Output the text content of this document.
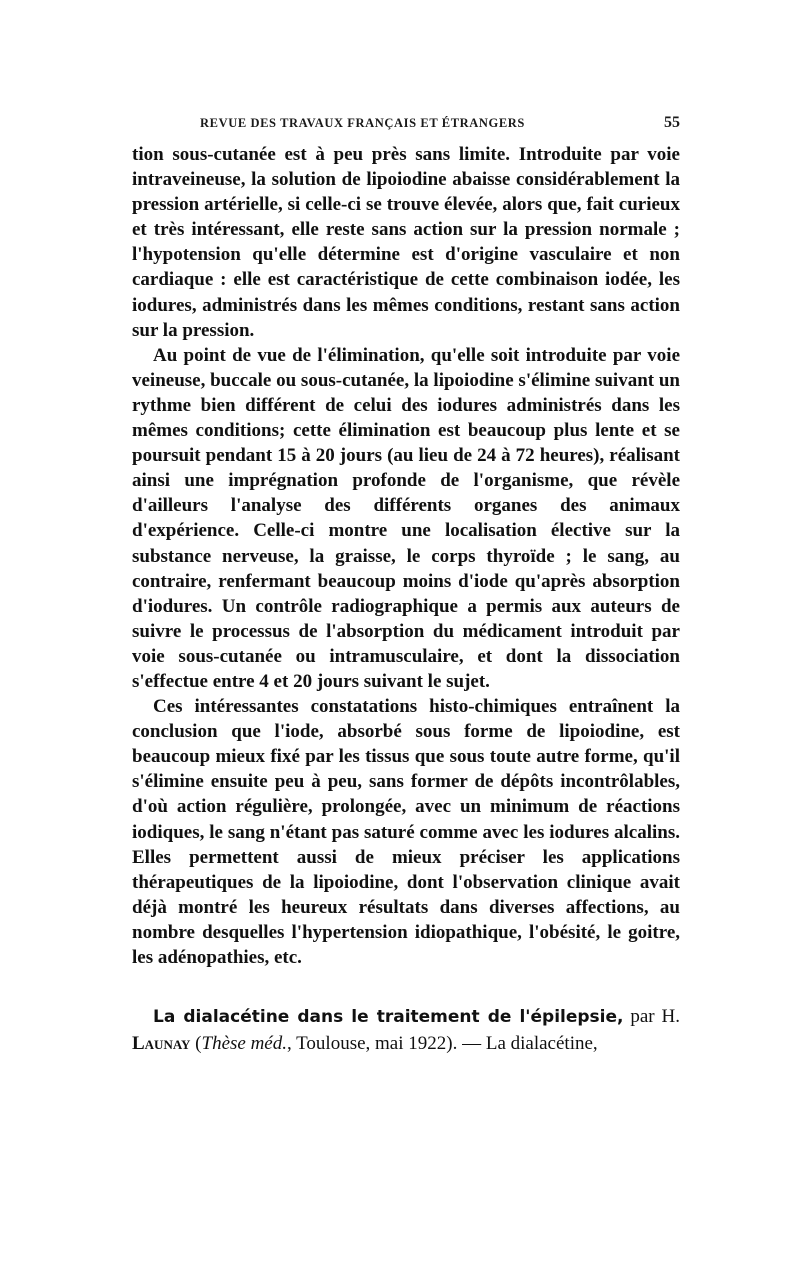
REVUE DES TRAVAUX FRANÇAIS ET ÉTRANGERS	55

tion sous-cutanée est à peu près sans limite. Introduite par voie intraveineuse, la solution de lipoiodine abaisse considérablement la pression artérielle, si celle-ci se trouve élevée, alors que, fait curieux et très intéressant, elle reste sans action sur la pression normale ; l'hypotension qu'elle détermine est d'origine vasculaire et non cardiaque : elle est caractéristique de cette combinaison iodée, les iodures, administrés dans les mêmes conditions, restant sans action sur la pression.

Au point de vue de l'élimination, qu'elle soit introduite par voie veineuse, buccale ou sous-cutanée, la lipoiodine s'élimine suivant un rythme bien différent de celui des iodures administrés dans les mêmes conditions; cette élimination est beaucoup plus lente et se poursuit pendant 15 à 20 jours (au lieu de 24 à 72 heures), réalisant ainsi une imprégnation profonde de l'organisme, que révèle d'ailleurs l'analyse des différents organes des animaux d'expérience. Celle-ci montre une localisation élective sur la substance nerveuse, la graisse, le corps thyroïde ; le sang, au contraire, renfermant beaucoup moins d'iode qu'après absorption d'iodures. Un contrôle radiographique a permis aux auteurs de suivre le processus de l'absorption du médicament introduit par voie sous-cutanée ou intramusculaire, et dont la dissociation s'effectue entre 4 et 20 jours suivant le sujet.

Ces intéressantes constatations histo-chimiques entraînent la conclusion que l'iode, absorbé sous forme de lipoiodine, est beaucoup mieux fixé par les tissus que sous toute autre forme, qu'il s'élimine ensuite peu à peu, sans former de dépôts incontrôlables, d'où action régulière, prolongée, avec un minimum de réactions iodiques, le sang n'étant pas saturé comme avec les iodures alcalins. Elles permettent aussi de mieux préciser les applications thérapeutiques de la lipoiodine, dont l'observation clinique avait déjà montré les heureux résultats dans diverses affections, au nombre desquelles l'hypertension idiopathique, l'obésité, le goitre, les adénopathies, etc.

La dialacétine dans le traitement de l'épilepsie, par H. Launay (Thèse méd., Toulouse, mai 1922). — La dialacétine,
